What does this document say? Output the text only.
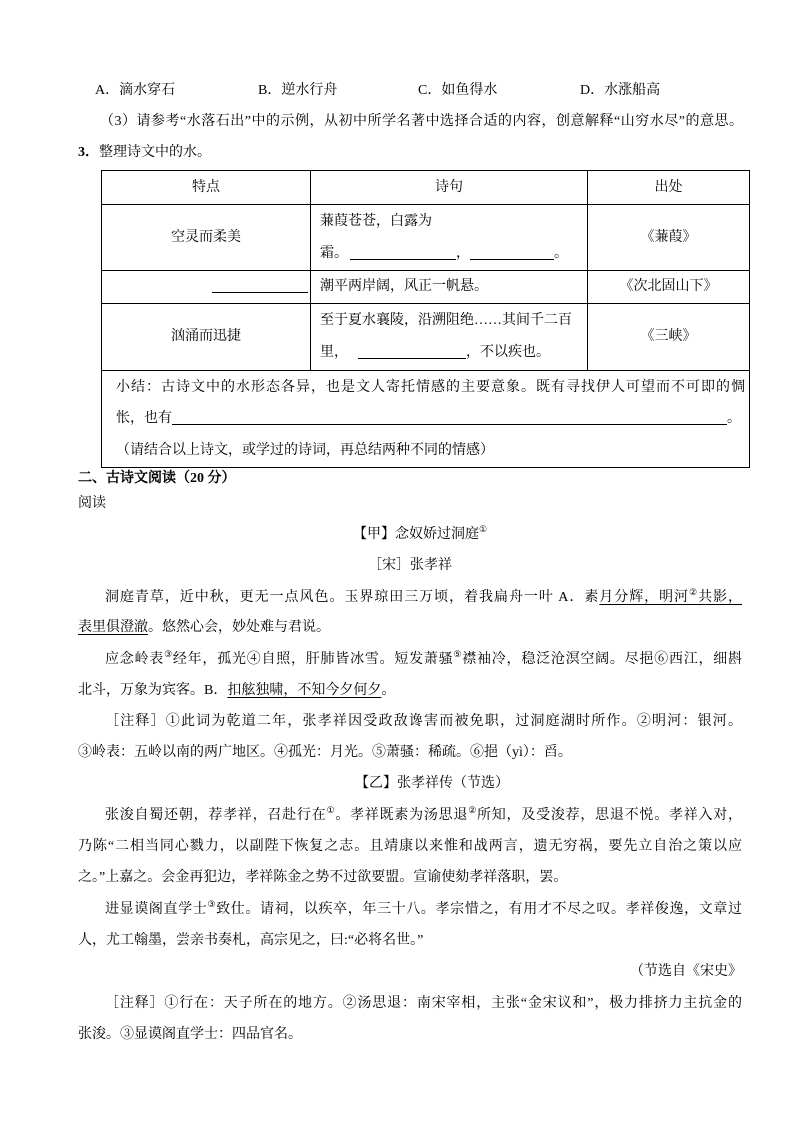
A．滴水穿石	B．逆水行舟	C．如鱼得水	D．水涨船高
（3）请参考“水落石出”中的示例，从初中所学名著中选择合适的内容，创意解释“山穷水尽”的意思。
3．整理诗文中的水。
特点	诗句	出处
空灵而柔美	蒹葭苍苍，白露为
霜。 ， 。	《蒹葭》
	潮平两岸阔，风正一帆悬。	《次北固山下》
汹涌而迅捷	至于夏水襄陵，沿溯阻绝……其间千二百
里， ，不以疾也。	《三峡》

小结：古诗文中的水形态各异，也是文人寄托情感的主要意象。既有寻找伊人可望而不可即的惆
怅，也有 。
（请结合以上诗文，或学过的诗词，再总结两种不同的情感）		
二、古诗文阅读（20 分）
阅读
【甲】念奴娇过洞庭①
［宋］张孝祥
洞庭青草，近中秋，更无一点风色。玉界琼田三万顷，着我扁舟一叶 A．素月分辉，明河②共影，
表里俱澄澈。悠然心会，妙处难与君说。
应念岭表③经年，孤光④自照，肝肺皆冰雪。短发萧骚⑤襟袖冷，稳泛沧溟空阔。尽挹⑥西江，细斟
北斗，万象为宾客。B．扣舷独啸，不知今夕何夕。
［注释］①此词为乾道二年，张孝祥因受政敌谗害而被免职，过洞庭湖时所作。②明河：银河。
③岭表：五岭以南的两广地区。④孤光：月光。⑤萧骚：稀疏。⑥挹（yì）：舀。
【乙】张孝祥传（节选）
张浚自蜀还朝，荐孝祥，召赴行在①。孝祥既素为汤思退②所知，及受浚荐，思退不悦。孝祥入对，
乃陈“二相当同心戮力，以副陛下恢复之志。且靖康以来惟和战两言，遗无穷祸，要先立自治之策以应
之。”上嘉之。会金再犯边，孝祥陈金之势不过欲要盟。宣谕使劾孝祥落职，罢。
进显谟阁直学士③致仕。请祠，以疾卒，年三十八。孝宗惜之，有用才不尽之叹。孝祥俊逸，文章过
人，尤工翰墨，尝亲书奏札，高宗见之，曰:“必将名世。”
（节选自《宋史》
［注释］①行在：天子所在的地方。②汤思退：南宋宰相，主张“金宋议和”，极力排挤力主抗金的
张浚。③显谟阁直学士：四品官名。
